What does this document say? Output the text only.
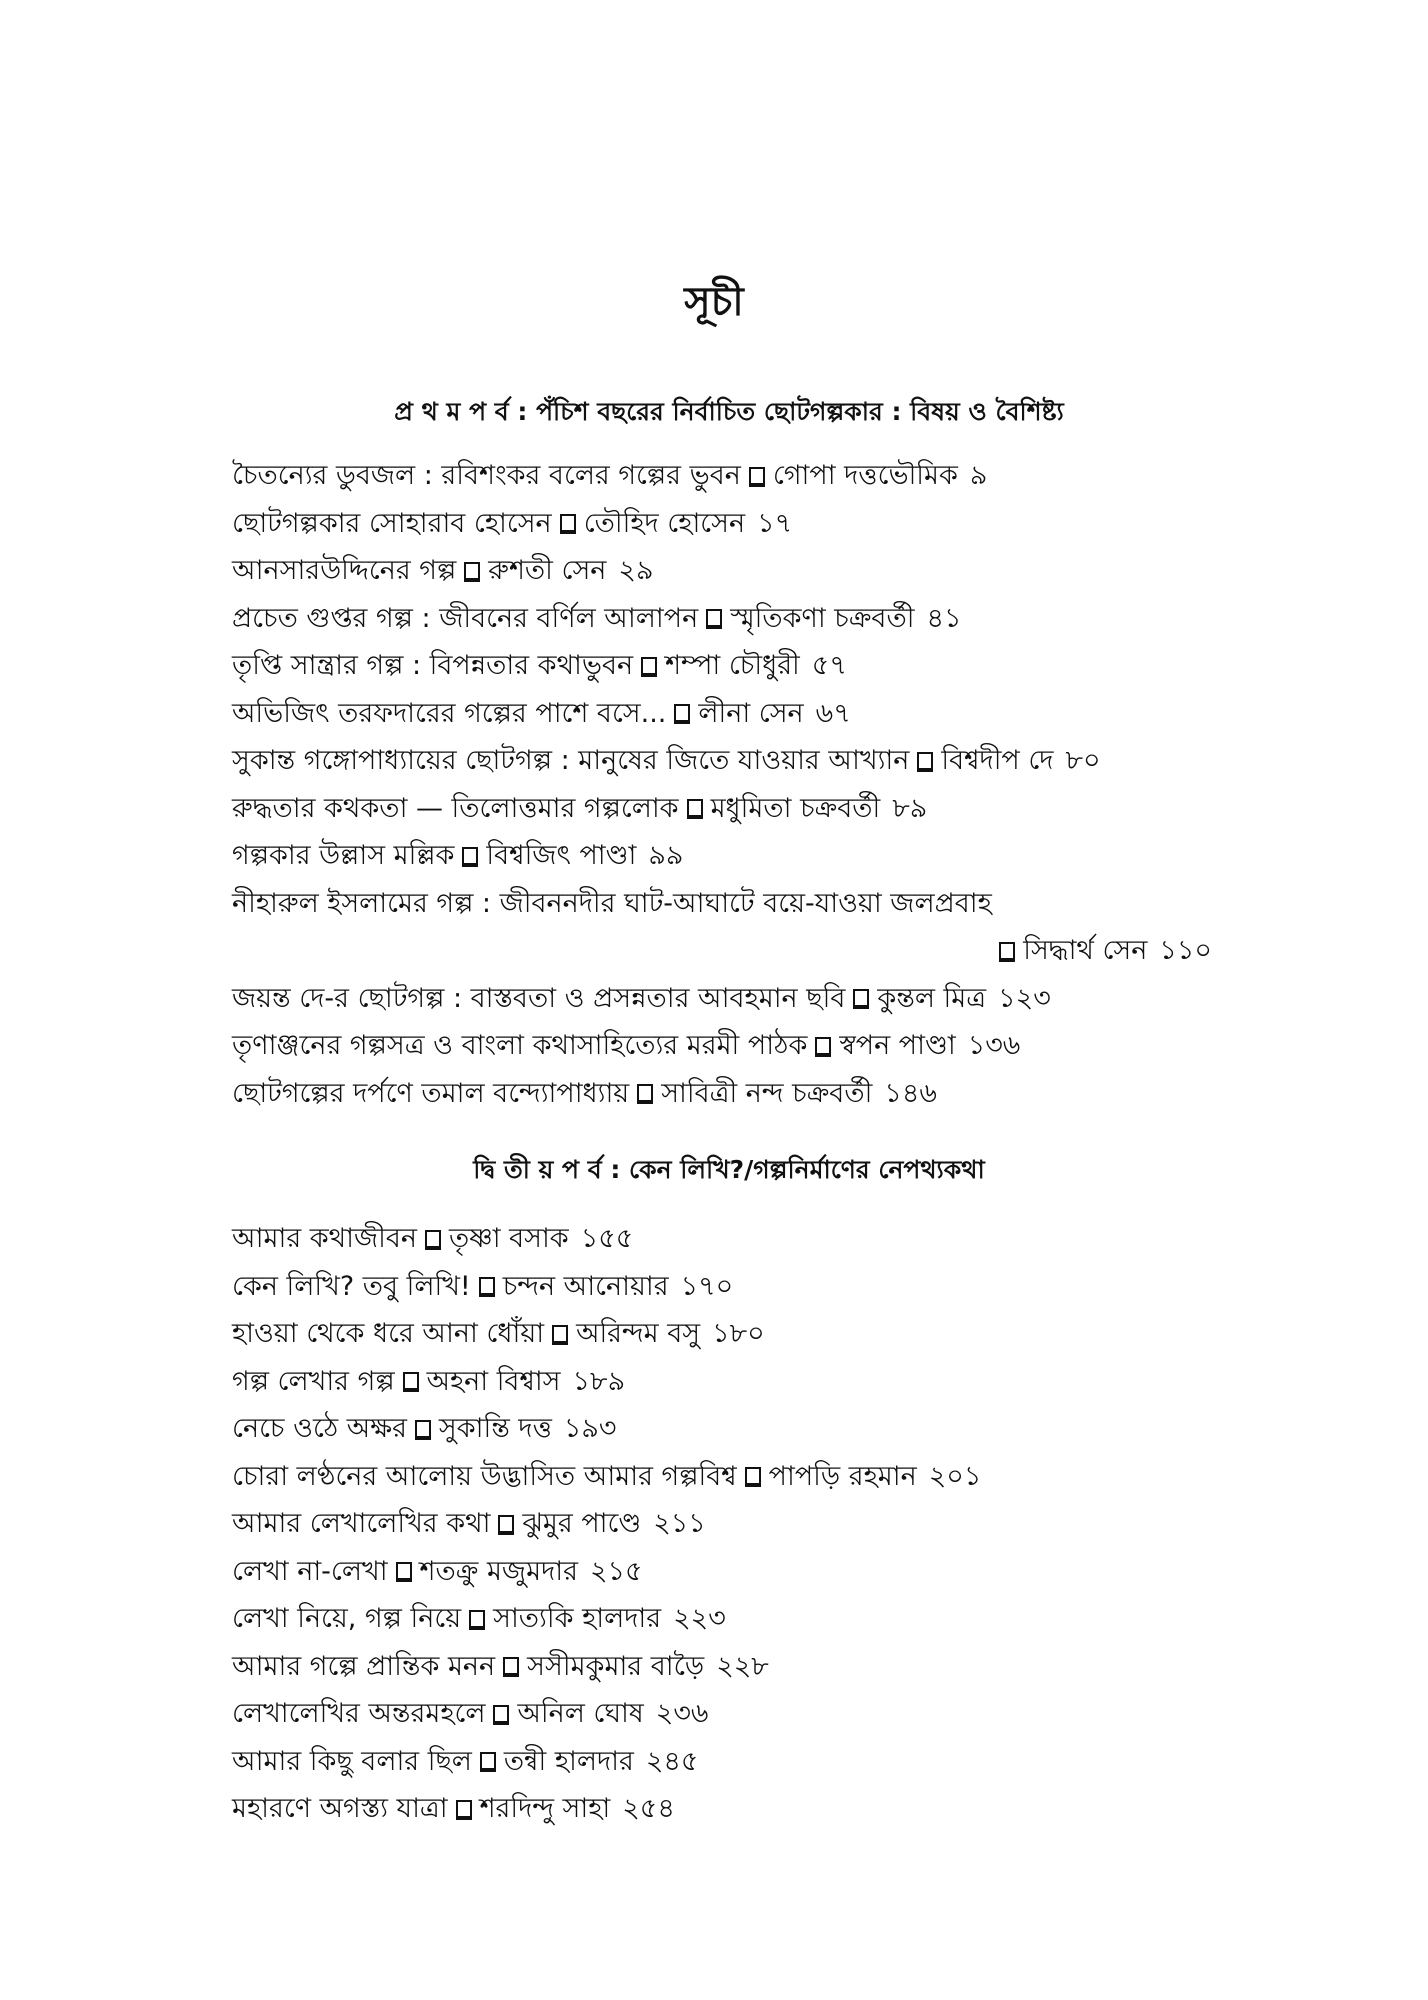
সূচী
প্র থ ম প র্ব : পঁচিশ বছরের নির্বাচিত ছোটগল্পকার : বিষয় ও বৈশিষ্ট্য
চৈতন্যের ডুবজল : রবিশংকর বলের গল্পের ভুবন গোপা দত্তভৌমিক ৯
ছোটগল্পকার সোহারাব হোসেন তৌহিদ হোসেন ১৭
আনসারউদ্দিনের গল্প রুশতী সেন ২৯
প্রচেত গুপ্তর গল্প : জীবনের বর্ণিল আলাপন স্মৃতিকণা চক্রবর্তী ৪১
তৃপ্তি সান্ত্রার গল্প : বিপন্নতার কথাভুবন শম্পা চৌধুরী ৫৭
অভিজিৎ তরফদারের গল্পের পাশে বসে... লীনা সেন ৬৭
সুকান্ত গঙ্গোপাধ্যায়ের ছোটগল্প : মানুষের জিতে যাওয়ার আখ্যান বিশ্বদীপ দে ৮০
রুদ্ধতার কথকতা — তিলোত্তমার গল্পলোক মধুমিতা চক্রবর্তী ৮৯
গল্পকার উল্লাস মল্লিক বিশ্বজিৎ পাণ্ডা ৯৯
নীহারুল ইসলামের গল্প : জীবননদীর ঘাট-আঘাটে বয়ে-যাওয়া জলপ্রবাহ
সিদ্ধার্থ সেন ১১০
জয়ন্ত দে-র ছোটগল্প : বাস্তবতা ও প্রসন্নতার আবহমান ছবি কুন্তল মিত্র ১২৩
তৃণাঞ্জনের গল্পসত্র ও বাংলা কথাসাহিত্যের মরমী পাঠক স্বপন পাণ্ডা ১৩৬
ছোটগল্পের দর্পণে তমাল বন্দ্যোপাধ্যায় সাবিত্রী নন্দ চক্রবর্তী ১৪৬
দ্বি তী য় প র্ব : কেন লিখি?/গল্পনির্মাণের নেপথ্যকথা
আমার কথাজীবন তৃষ্ণা বসাক ১৫৫
কেন লিখি? তবু লিখি! চন্দন আনোয়ার ১৭০
হাওয়া থেকে ধরে আনা ধোঁয়া অরিন্দম বসু ১৮০
গল্প লেখার গল্প অহনা বিশ্বাস ১৮৯
নেচে ওঠে অক্ষর সুকান্তি দত্ত ১৯৩
চোরা লণ্ঠনের আলোয় উদ্ভাসিত আমার গল্পবিশ্ব পাপড়ি রহমান ২০১
আমার লেখালেখির কথা ঝুমুর পাণ্ডে ২১১
লেখা না-লেখা শতক্রু মজুমদার ২১৫
লেখা নিয়ে, গল্প নিয়ে সাত্যকি হালদার ২২৩
আমার গল্পে প্রান্তিক মনন সসীমকুমার বাড়ৈ ২২৮
লেখালেখির অন্তরমহলে অনিল ঘোষ ২৩৬
আমার কিছু বলার ছিল তন্বী হালদার ২৪৫
মহারণে অগস্ত্য যাত্রা শরদিন্দু সাহা ২৫৪
